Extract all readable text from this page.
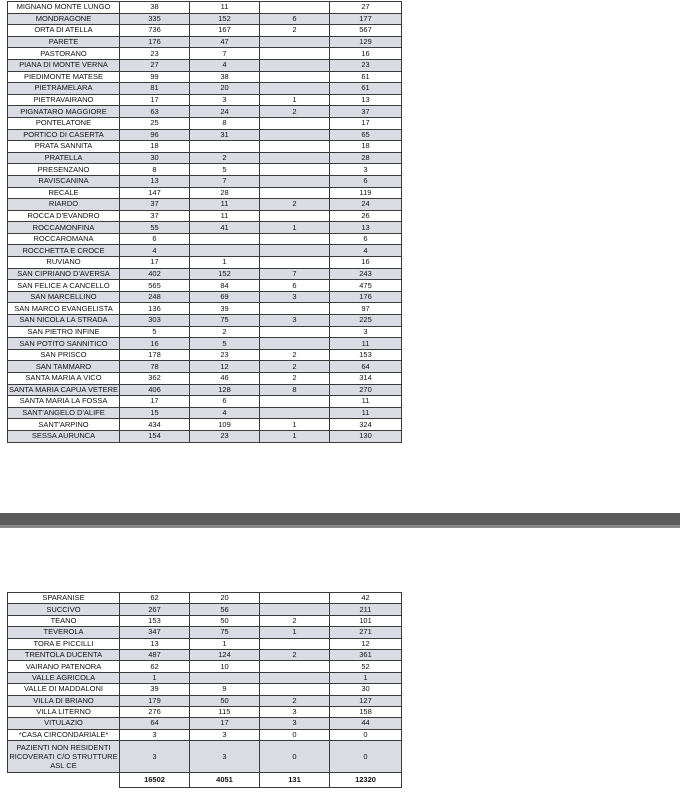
MIGNANO MONTE LUNGO	38	11		27
MONDRAGONE	335	152	6	177
ORTA DI ATELLA	736	167	2	567
PARETE	176	47		129
PASTORANO	23	7		16
PIANA DI MONTE VERNA	27	4		23
PIEDIMONTE MATESE	99	38		61
PIETRAMELARA	81	20		61
PIETRAVAIRANO	17	3	1	13
PIGNATARO MAGGIORE	63	24	2	37
PONTELATONE	25	8		17
PORTICO DI CASERTA	96	31		65
PRATA SANNITA	18			18
PRATELLA	30	2		28
PRESENZANO	8	5		3
RAVISCANINA	13	7		6
RECALE	147	28		119
RIARDO	37	11	2	24
ROCCA D'EVANDRO	37	11		26
ROCCAMONFINA	55	41	1	13
ROCCAROMANA	6			6
ROCCHETTA E CROCE	4			4
RUVIANO	17	1		16
SAN CIPRIANO D'AVERSA	402	152	7	243
SAN FELICE A CANCELLO	565	84	6	475
SAN MARCELLINO	248	69	3	176
SAN MARCO EVANGELISTA	136	39		97
SAN NICOLA LA STRADA	303	75	3	225
SAN PIETRO INFINE	5	2		3
SAN POTITO SANNITICO	16	5		11
SAN PRISCO	178	23	2	153
SAN TAMMARO	78	12	2	64
SANTA MARIA A VICO	362	46	2	314
SANTA MARIA CAPUA VETERE	406	128	8	270
SANTA MARIA LA FOSSA	17	6		11
SANT'ANGELO D'ALIFE	15	4		11
SANT'ARPINO	434	109	1	324
SESSA AURUNCA	154	23	1	130
SPARANISE	62	20		42
SUCCIVO	267	56		211
TEANO	153	50	2	101
TEVEROLA	347	75	1	271
TORA E PICCILLI	13	1		12
TRENTOLA DUCENTA	487	124	2	361
VAIRANO PATENORA	62	10		52
VALLE AGRICOLA	1			1
VALLE DI MADDALONI	39	9		30
VILLA DI BRIANO	179	50	2	127
VILLA LITERNO	276	115	3	158
VITULAZIO	64	17	3	44
*CASA CIRCONDARIALE*	3	3	0	0
PAZIENTI NON RESIDENTI RICOVERATI C/O STRUTTURE ASL CE	3	3	0	0
	16502	4051	131	12320
